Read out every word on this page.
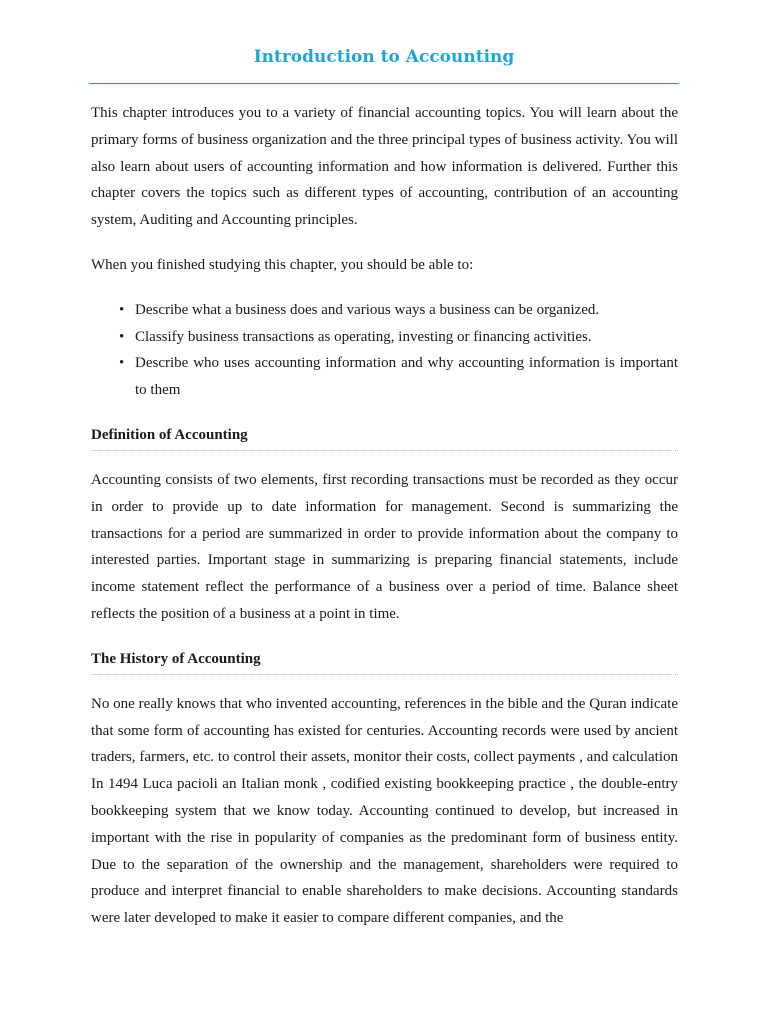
Introduction to Accounting

This chapter introduces you to a variety of financial accounting topics. You will learn about the primary forms of business organization and the three principal types of business activity. You will also learn about users of accounting information and how information is delivered. Further this chapter covers the topics such as different types of accounting, contribution of an accounting system, Auditing and Accounting principles.

When you finished studying this chapter, you should be able to:

• Describe what a business does and various ways a business can be organized.
• Classify business transactions as operating, investing or financing activities.
• Describe who uses accounting information and why accounting information is important to them
Definition of Accounting

Accounting consists of two elements, first recording transactions must be recorded as they occur in order to provide up to date information for management. Second is summarizing the transactions for a period are summarized in order to provide information about the company to interested parties. Important stage in summarizing is preparing financial statements, include income statement reflect the performance of a business over a period of time. Balance sheet reflects the position of a business at a point in time.

The History of Accounting

No one really knows that who invented accounting, references in the bible and the Quran indicate that some form of accounting has existed for centuries. Accounting records were used by ancient traders, farmers, etc. to control their assets, monitor their costs, collect payments , and calculation In 1494 Luca pacioli an Italian monk , codified existing bookkeeping practice , the double-entry bookkeeping system that we know today. Accounting continued to develop, but increased in important with the rise in popularity of companies as the predominant form of business entity. Due to the separation of the ownership and the management, shareholders were required to produce and interpret financial to enable shareholders to make decisions. Accounting standards were later developed to make it easier to compare different companies, and the
